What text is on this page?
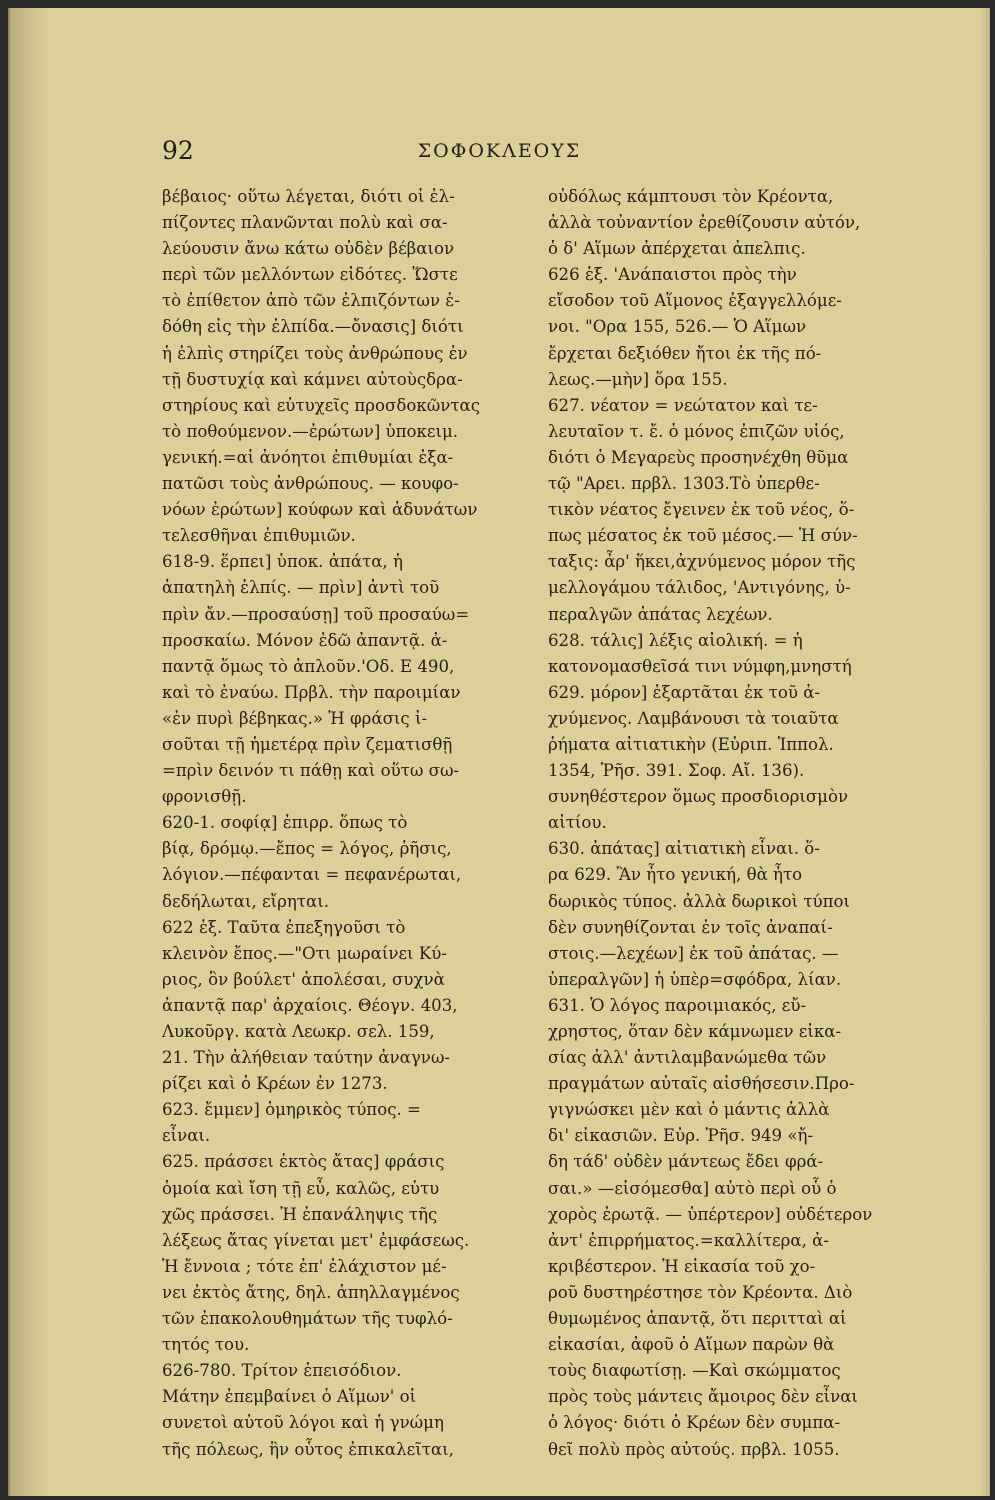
92	ΣΟΦΟΚΛΕΟΥΣ

βέβαιος· οὕτω λέγεται, διότι οἱ ἐλ-

πίζοντες πλανῶνται πολὺ καὶ σα-

λεύουσιν ἄνω κάτω οὐδὲν βέβαιον

περὶ τῶν μελλόντων εἰδότες. Ὥστε

τὸ ἐπίθετον ἀπὸ τῶν ἐλπιζόντων ἐ-

δόθη εἰς τὴν ἐλπίδα.—ὄνασις] διότι

ἡ ἐλπὶς στηρίζει τοὺς ἀνθρώπους ἐν

τῇ δυστυχίᾳ καὶ κάμνει αὐτοὺςδρα-

στηρίους καὶ εὐτυχεῖς προσδοκῶντας

τὸ ποθούμενον.—ἐρώτων] ὑποκειμ.

γενική.=αἱ ἀνόητοι ἐπιθυμίαι ἐξα-

πατῶσι τοὺς ἀνθρώπους. — κουφο-

νόων ἐρώτων] κούφων καὶ ἀδυνάτων

τελεσθῆναι ἐπιθυμιῶν.

618-9. ἕρπει] ὑποκ. ἀπάτα, ἡ

ἀπατηλὴ ἐλπίς. — πρὶν] ἀντὶ τοῦ

πρὶν ἄν.—προσαύσῃ] τοῦ προσαύω=

προσκαίω. Μόνον ἐδῶ ἀπαντᾷ. ἀ-

παντᾷ ὅμως τὸ ἁπλοῦν.'Οδ. Ε 490,

καὶ τὸ ἐναύω. Πρβλ. τὴν παροιμίαν

«ἐν πυρὶ βέβηκας.» Ἡ φράσις ἰ-

σοῦται τῇ ἡμετέρᾳ πρὶν ζεματισθῇ

=πρὶν δεινόν τι πάθῃ καὶ οὕτω σω-

φρονισθῇ.

620-1. σοφίᾳ] ἐπιρρ. ὅπως τὸ

βίᾳ, δρόμῳ.—ἔπος = λόγος, ῥῆσις,

λόγιον.—πέφανται = πεφανέρωται,

δεδήλωται, εἴρηται.

622 ἑξ. Ταῦτα ἐπεξηγοῦσι τὸ

κλεινὸν ἔπος.—"Οτι μωραίνει Κύ-

ριος, ὃν βούλετ' ἀπολέσαι, συχνὰ

ἀπαντᾷ παρ' ἀρχαίοις. Θέογν. 403,

Λυκοῦργ. κατὰ Λεωκρ. σελ. 159,

21. Τὴν ἀλήθειαν ταύτην ἀναγνω-

ρίζει καὶ ὁ Κρέων ἐν 1273.

623. ἔμμεν] ὁμηρικὸς τύπος. =

εἶναι.

625. πράσσει ἐκτὸς ἄτας] φράσις

ὁμοία καὶ ἴση τῇ εὖ, καλῶς, εὐτυ

χῶς πράσσει. Ἡ ἐπανάληψις τῆς

λέξεως ἄτας γίνεται μετ' ἐμφάσεως.

Ἡ ἔννοια ; τότε ἐπ' ἐλάχιστον μέ-

νει ἐκτὸς ἄτης, δηλ. ἀπηλλαγμένος

τῶν ἐπακολουθημάτων τῆς τυφλό-

τητός του.

626-780. Τρίτον ἐπεισόδιον.

Μάτην ἐπεμβαίνει ὁ Αἵμων' οἱ

συνετοὶ αὐτοῦ λόγοι καὶ ἡ γνώμη

τῆς πόλεως, ἣν οὗτος ἐπικαλεῖται,

οὐδόλως κάμπτουσι τὸν Κρέοντα,

ἀλλὰ τοὐναντίον ἐρεθίζουσιν αὐτόν,

ὁ δ' Αἵμων ἀπέρχεται ἀπελπις.

626 ἑξ. 'Ανάπαιστοι πρὸς τὴν

εἴσοδον τοῦ Αἵμονος ἐξαγγελλόμε-

νοι. "Ορα 155, 526.— Ὁ Αἵμων

ἔρχεται δεξιόθεν ἤτοι ἐκ τῆς πό-

λεως.—μὴν] ὅρα 155.

627. νέατον = νεώτατον καὶ τε-

λευταῖον τ. ἔ. ὁ μόνος ἐπιζῶν υἱός,

διότι ὁ Μεγαρεὺς προσηνέχθη θῦμα

τῷ "Αρει. πρβλ. 1303.Τὸ ὑπερθε-

τικὸν νέατος ἔγεινεν ἐκ τοῦ νέος, ὅ-

πως μέσατος ἐκ τοῦ μέσος.— Ἡ σύν-

ταξις: ἆρ' ἥκει,ἀχνύμενος μόρον τῆς

μελλογάμου τάλιδος, 'Αντιγόνης, ὑ-

περαλγῶν ἀπάτας λεχέων.

628. τάλις] λέξις αἰολική. = ἡ

κατονομασθεῖσά τινι νύμφη,μνηστή

629. μόρον] ἐξαρτᾶται ἐκ τοῦ ἀ-

χνύμενος. Λαμβάνουσι τὰ τοιαῦτα

ῥήματα αἰτιατικὴν (Εὐριπ. Ἱππολ.

1354, Ῥῆσ. 391. Σοφ. Αἴ. 136).

συνηθέστερον ὅμως προσδιορισμὸν

αἰτίου.

630. ἀπάτας] αἰτιατικὴ εἶναι. ὅ-

ρα 629. Ἂν ἦτο γενική, θὰ ἦτο

δωρικὸς τύπος. ἀλλὰ δωρικοὶ τύποι

δὲν συνηθίζονται ἐν τοῖς ἀναπαί-

στοις.—λεχέων] ἐκ τοῦ ἀπάτας. —

ὑπεραλγῶν] ἡ ὑπὲρ=σφόδρα, λίαν.

631. Ὁ λόγος παροιμιακός, εὔ-

χρηστος, ὅταν δὲν κάμνωμεν εἰκα-

σίας ἀλλ' ἀντιλαμβανώμεθα τῶν

πραγμάτων αὐταῖς αἰσθήσεσιν.Προ-

γιγνώσκει μὲν καὶ ὁ μάντις ἀλλὰ

δι' εἰκασιῶν. Εὐρ. Ῥῆσ. 949 «ἤ-

δη τάδ' οὐδὲν μάντεως ἔδει φρά-

σαι.» —εἰσόμεσθα] αὐτὸ περὶ οὗ ὁ

χορὸς ἐρωτᾷ. — ὑπέρτερον] οὐδέτερον

ἀντ' ἐπιρρήματος.=καλλίτερα, ἀ-

κριβέστερον. Ἡ εἰκασία τοῦ χο-

ροῦ δυστηρέστησε τὸν Κρέοντα. Διὸ

θυμωμένος ἀπαντᾷ, ὅτι περιτταὶ αἱ

εἰκασίαι, ἀφοῦ ὁ Αἵμων παρὼν θὰ

τοὺς διαφωτίσῃ. —Καὶ σκώμματος

πρὸς τοὺς μάντεις ἄμοιρος δὲν εἶναι

ὁ λόγος· διότι ὁ Κρέων δὲν συμπα-

θεῖ πολὺ πρὸς αὐτούς. πρβλ. 1055.
